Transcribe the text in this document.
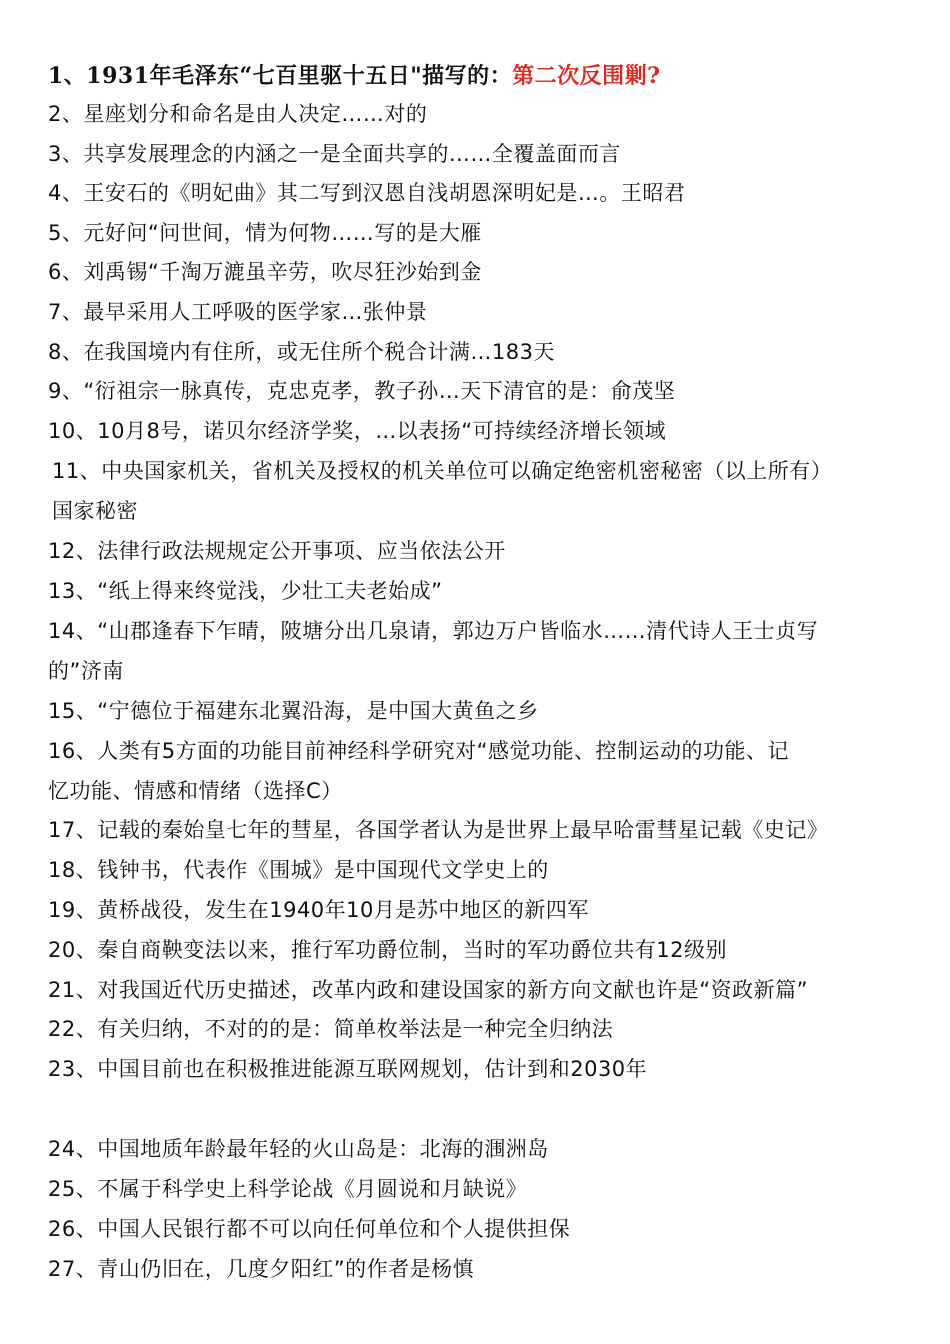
1、1931年毛泽东“七百里驱十五日"描写的：第二次反围剿?
2、星座划分和命名是由人决定……对的
3、共享发展理念的内涵之一是全面共享的……全覆盖面而言
4、王安石的《明妃曲》其二写到汉恩自浅胡恩深明妃是…。王昭君
5、元好问“问世间，情为何物……写的是大雁
6、刘禹锡“千淘万漉虽辛劳，吹尽狂沙始到金
7、最早采用人工呼吸的医学家…张仲景
8、在我国境内有住所，或无住所个税合计满…183天
9、“衍祖宗一脉真传，克忠克孝，教子孙…天下清官的是：俞茂坚
10、10月8号，诺贝尔经济学奖，…以表扬“可持续经济增长领域
11、中央国家机关，省机关及授权的机关单位可以确定绝密机密秘密（以上所有）
国家秘密
12、法律行政法规规定公开事项、应当依法公开
13、“纸上得来终觉浅，少壮工夫老始成”
14、“山郡逢春下乍晴，陂塘分出几泉请，郭边万户皆临水……清代诗人王士贞写
的”济南
15、“宁德位于福建东北翼沿海，是中国大黄鱼之乡
16、人类有5方面的功能目前神经科学研究对“感觉功能、控制运动的功能、记
忆功能、情感和情绪（选择C）
17、记载的秦始皇七年的彗星，各国学者认为是世界上最早哈雷彗星记载《史记》
18、钱钟书，代表作《围城》是中国现代文学史上的
19、黄桥战役，发生在1940年10月是苏中地区的新四军
20、秦自商鞅变法以来，推行军功爵位制，当时的军功爵位共有12级别
21、对我国近代历史描述，改革内政和建设国家的新方向文献也许是“资政新篇”
22、有关归纳，不对的的是：简单枚举法是一种完全归纳法
23、中国目前也在积极推进能源互联网规划，估计到和2030年
24、中国地质年龄最年轻的火山岛是：北海的涠洲岛
25、不属于科学史上科学论战《月圆说和月缺说》
26、中国人民银行都不可以向任何单位和个人提供担保
27、青山仍旧在，几度夕阳红”的作者是杨慎
